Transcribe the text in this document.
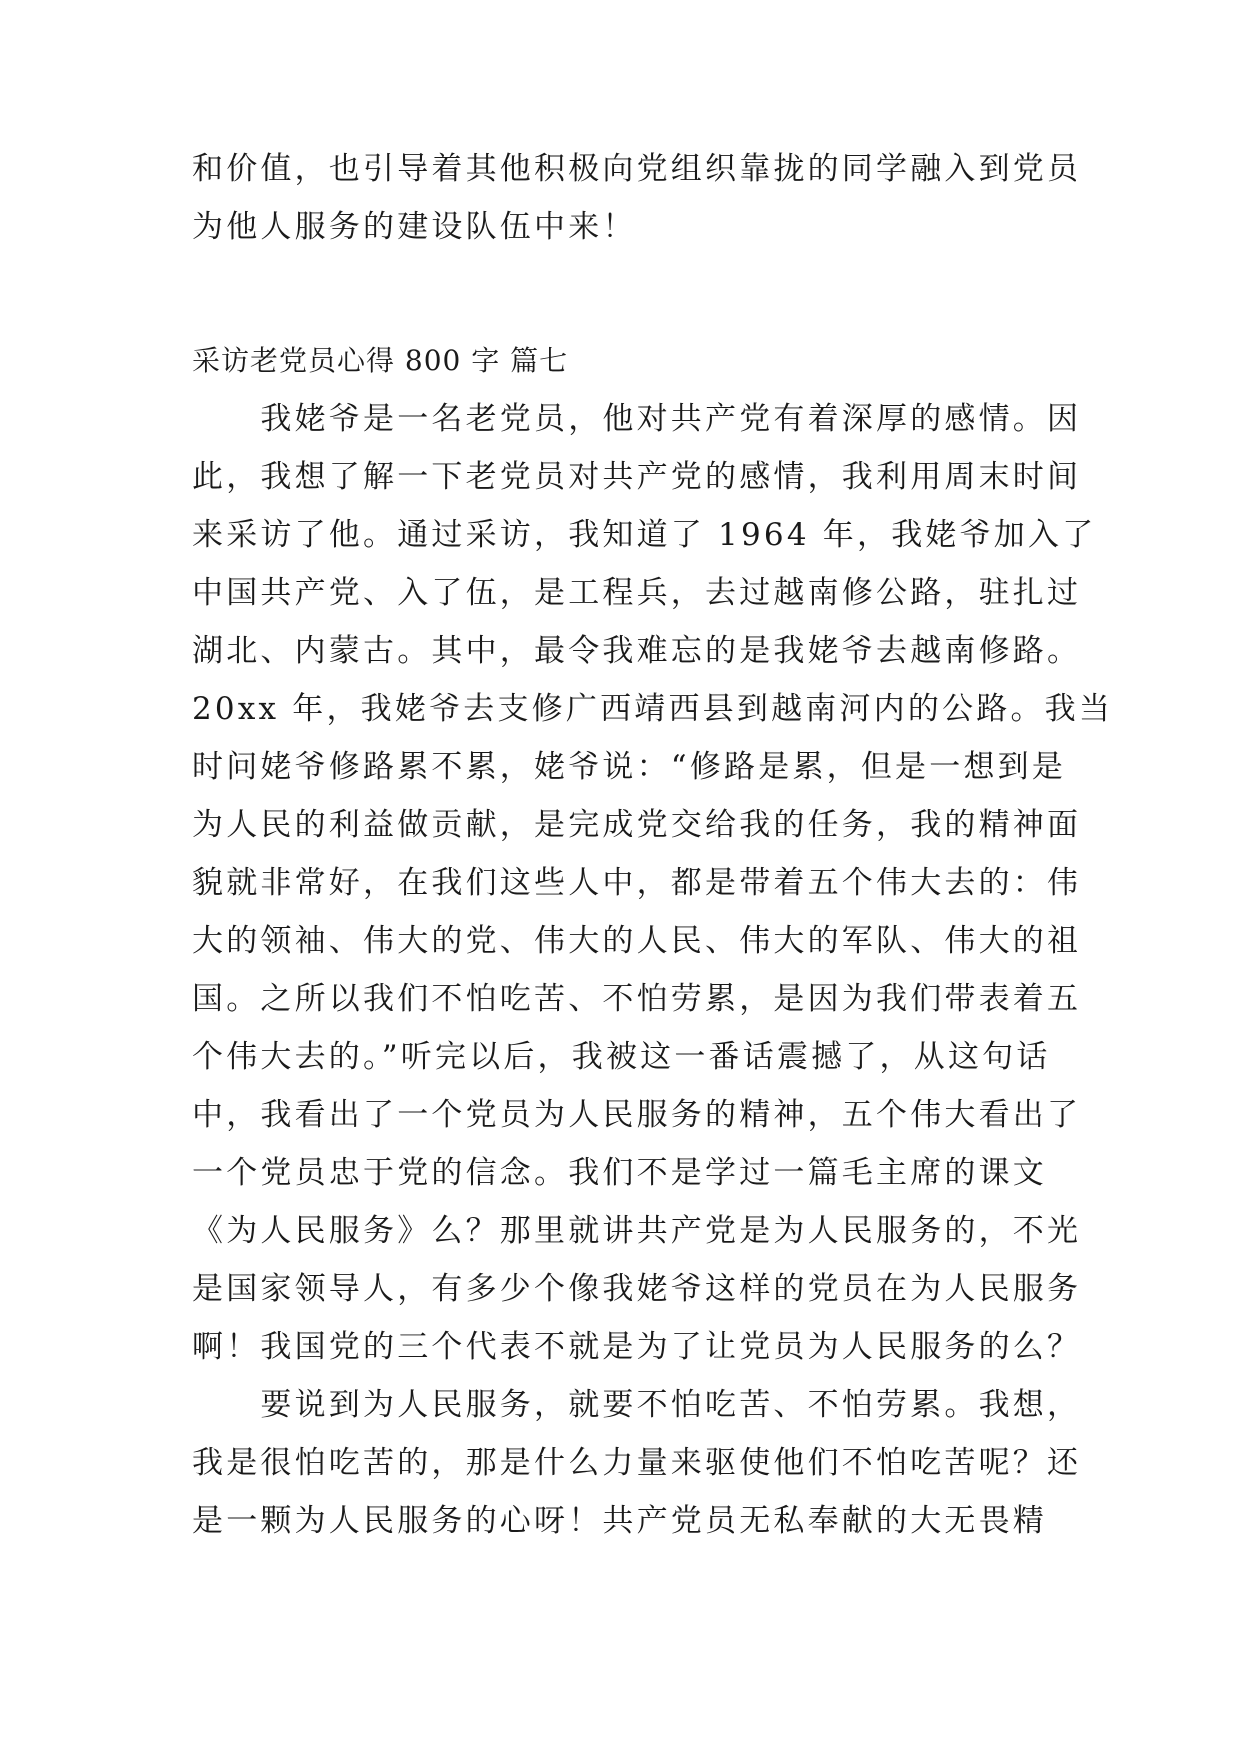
和价值，也引导着其他积极向党组织靠拢的同学融入到党员
为他人服务的建设队伍中来！
采访老党员心得 800 字 篇七
　　我姥爷是一名老党员，他对共产党有着深厚的感情。因
此，我想了解一下老党员对共产党的感情，我利用周末时间
来采访了他。通过采访，我知道了 1964 年，我姥爷加入了
中国共产党、入了伍，是工程兵，去过越南修公路，驻扎过
湖北、内蒙古。其中，最令我难忘的是我姥爷去越南修路。
20xx 年，我姥爷去支修广西靖西县到越南河内的公路。我当
时问姥爷修路累不累，姥爷说：“修路是累，但是一想到是
为人民的利益做贡献，是完成党交给我的任务，我的精神面
貌就非常好，在我们这些人中，都是带着五个伟大去的：伟
大的领袖、伟大的党、伟大的人民、伟大的军队、伟大的祖
国。之所以我们不怕吃苦、不怕劳累，是因为我们带表着五
个伟大去的。”听完以后，我被这一番话震撼了，从这句话
中，我看出了一个党员为人民服务的精神，五个伟大看出了
一个党员忠于党的信念。我们不是学过一篇毛主席的课文
《为人民服务》么？那里就讲共产党是为人民服务的，不光
是国家领导人，有多少个像我姥爷这样的党员在为人民服务
啊！我国党的三个代表不就是为了让党员为人民服务的么？
　　要说到为人民服务，就要不怕吃苦、不怕劳累。我想，
我是很怕吃苦的，那是什么力量来驱使他们不怕吃苦呢？还
是一颗为人民服务的心呀！共产党员无私奉献的大无畏精
